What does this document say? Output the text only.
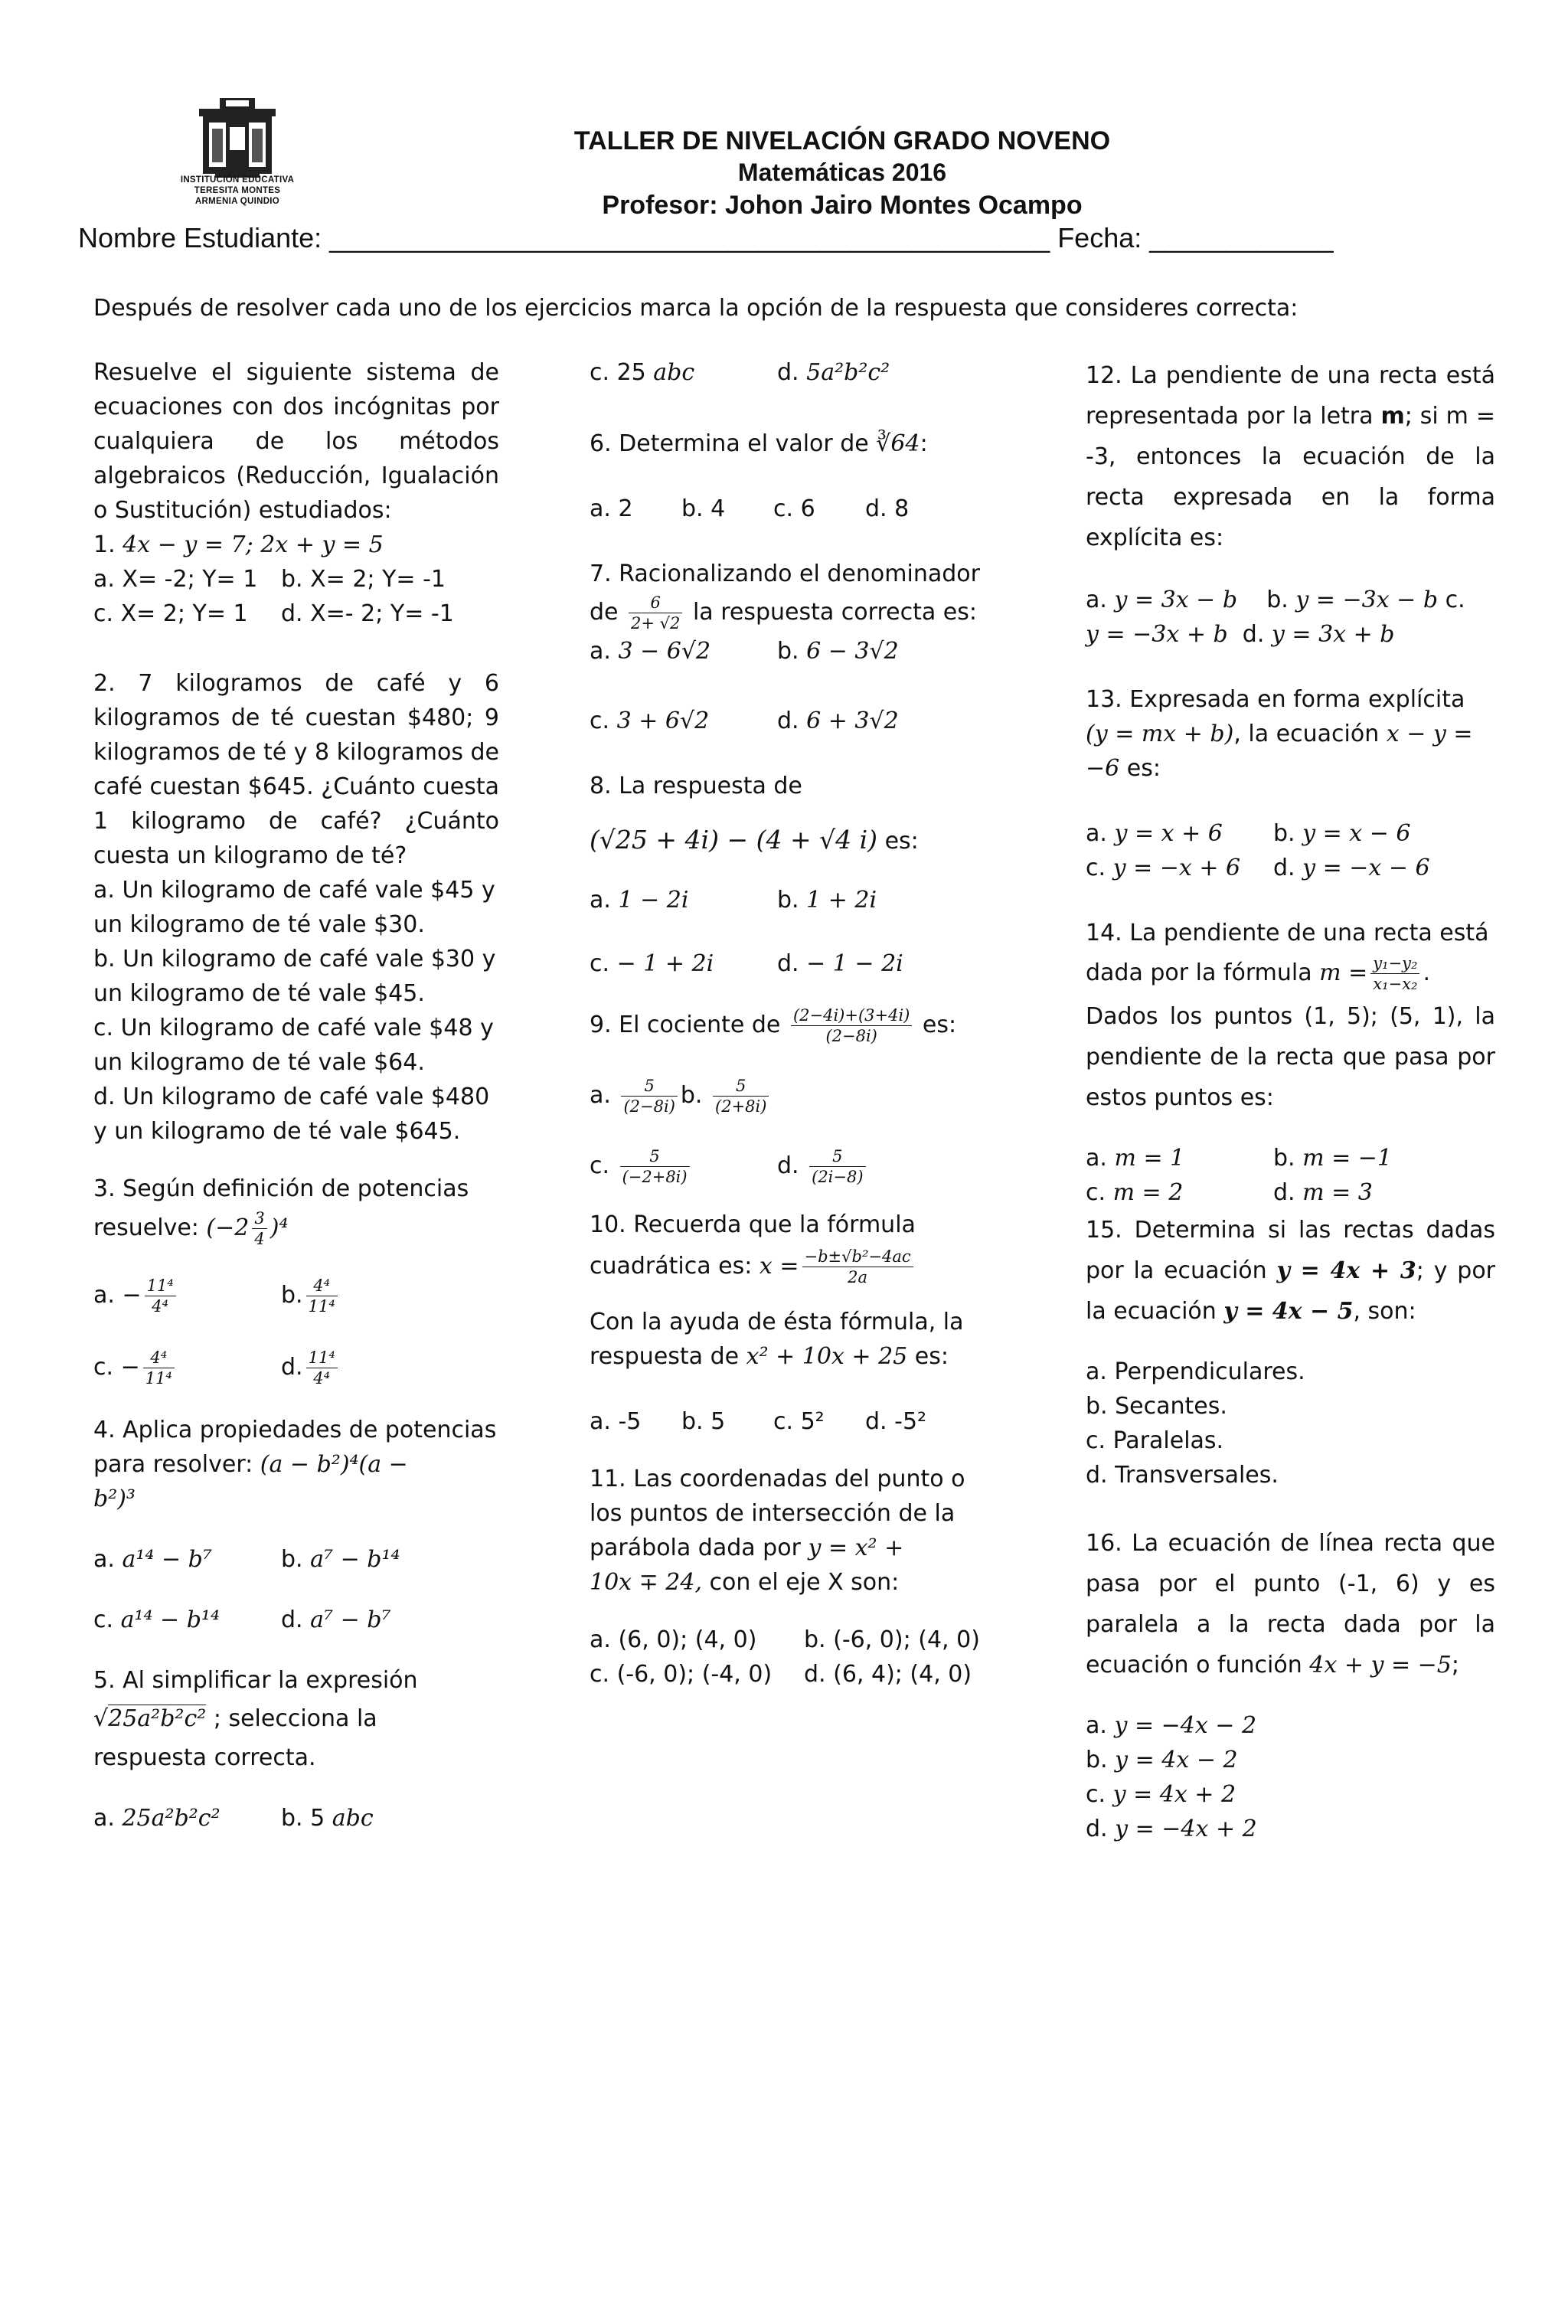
INSTITUCIÓN EDUCATIVA
TERESITA MONTES
ARMENIA QUINDIO
TALLER DE NIVELACIÓN GRADO NOVENO
Matemáticas 2016
Profesor: Johon Jairo Montes Ocampo
Nombre Estudiante: _______________________________________________ Fecha: ____________
Después de resolver cada uno de los ejercicios marca la opción de la respuesta que consideres correcta:

Resuelve el siguiente sistema de ecuaciones con dos incógnitas por cualquiera de los métodos algebraicos (Reducción, Igualación o Sustitución) estudiados:

1. 4x − y = 7; 2x + y = 5

a. X= -2; Y= 1	b. X= 2; Y= -1

c. X= 2; Y= 1	d. X=- 2; Y= -1

2. 7 kilogramos de café y 6 kilogramos de té cuestan $480; 9 kilogramos de té y 8 kilogramos de café cuestan $645. ¿Cuánto cuesta 1 kilogramo de café? ¿Cuánto cuesta un kilogramo de té?

a. Un kilogramo de café vale $45 y un kilogramo de té vale $30.

b. Un kilogramo de café vale $30 y un kilogramo de té vale $45.

c. Un kilogramo de café vale $48 y un kilogramo de té vale $64.

d. Un kilogramo de café vale $480 y un kilogramo de té vale $645.

3. Según definición de potencias

resuelve: $(-2 \frac{3}{4} )^4$

a. − $\frac{\text{11⁴}}{\text{4⁴}}$	b. $\frac{\text{4⁴}}{\text{11⁴}}$

c. − $\frac{\text{4⁴}}{\text{11⁴}}$	d. $\frac{\text{11⁴}}{\text{4⁴}}$

4. Aplica propiedades de potencias

para resolver: (a − b²)⁴(a −

b²)³

a. a¹⁴ − b⁷	b. a⁷ − b¹⁴

c. a¹⁴ − b¹⁴	d. a⁷ − b⁷

5. Al simplificar la expresión

√25a²b²c² ; selecciona la

respuesta correcta.

a. 25a²b²c²	b. 5 abc

c. 25 abc	d. 5a²b²c²

6. Determina el valor de ∛64:

a. 2	b. 4	c. 6	d. 8

7. Racionalizando el denominador

de $\frac{6}{2+ √2}$ la respuesta correcta es:

a. 3 − 6√2	b. 6 − 3√2

c. 3 + 6√2	d. 6 + 3√2

8. La respuesta de

(√25 + 4i) − (4 + √4 i) es:

a. 1 − 2i	b. 1 + 2i

c. − 1 + 2i	d. − 1 − 2i

9. El cociente de $\frac{(2-4i)+(3+4i)}{(2-8i)}$ es:

a. $\frac{5}{(2-8i)} b$. $\frac{5}{(2+8i)}$

c. $\frac{5}{(-2+8i)}$	d. $\frac{5}{(2i-8)}$

10. Recuerda que la fórmula

cuadrática es: $x = \frac{\text{−b±√b²−4ac}}{2a}$

Con la ayuda de ésta fórmula, la

respuesta de x² + 10x + 25 es:

a. -5	b. 5	c. 5²	d. -5²

11. Las coordenadas del punto o

los puntos de intersección de la

parábola dada por y = x² +

10x ∓ 24, con el eje X son:

a. (6, 0); (4, 0)	b. (-6, 0); (4, 0)

c. (-6, 0); (-4, 0)	d. (6, 4); (4, 0)

12. La pendiente de una recta está representada por la letra m; si m = -3, entonces la ecuación de la recta expresada en la forma explícita es:

a. y = 3x − b b. y = −3x − b c.

y = −3x + b d. y = 3x + b

13. Expresada en forma explícita

(y = mx + b), la ecuación x − y =

−6 es:

a. y = x + 6	b. y = x − 6

c. y = −x + 6	d. y = −x − 6

14. La pendiente de una recta está

dada por la fórmula $m = \frac{\text{y₁−y₂}}{\text{x₁−x₂}}$ .

Dados los puntos (1, 5); (5, 1), la pendiente de la recta que pasa por estos puntos es:

a. m = 1	b. m = −1

c. m = 2	d. m = 3

15. Determina si las rectas dadas por la ecuación y = 4x + 3; y por la ecuación y = 4x − 5, son:

a. Perpendiculares.

b. Secantes.

c. Paralelas.

d. Transversales.

16. La ecuación de línea recta que pasa por el punto (-1, 6) y es paralela a la recta dada por la ecuación o función 4x + y = −5;

a. y = −4x − 2

b. y = 4x − 2

c. y = 4x + 2

d. y = −4x + 2
